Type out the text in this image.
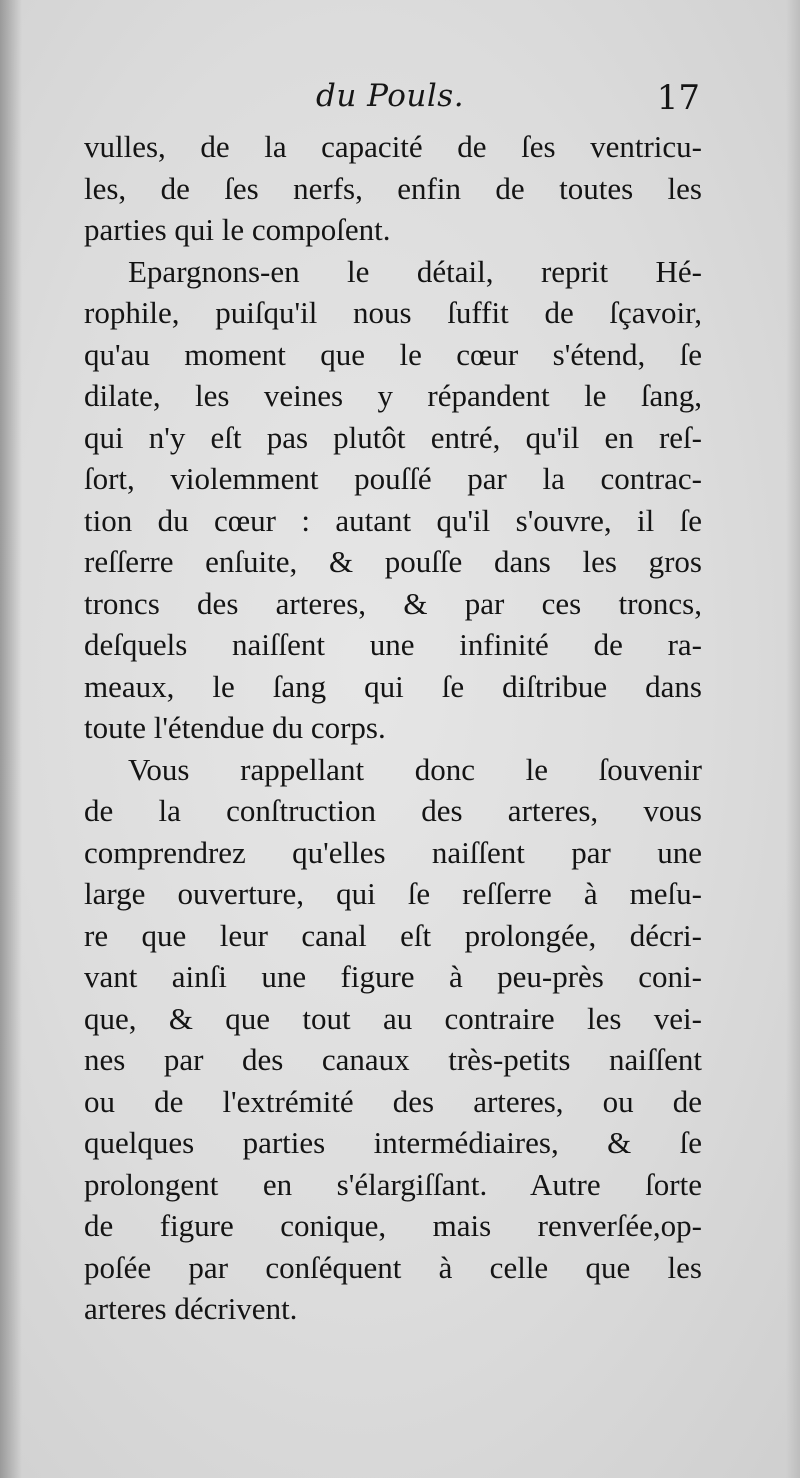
du Pouls.	17
vulles, de la capacité de ſes ventricu-
les, de ſes nerfs, enfin de toutes les
parties qui le compoſent.
Epargnons-en le détail, reprit Hé-
rophile, puiſqu'il nous ſuffit de ſçavoir,
qu'au moment que le cœur s'étend, ſe
dilate, les veines y répandent le ſang,
qui n'y eſt pas plutôt entré, qu'il en reſ-
ſort, violemment pouſſé par la contrac-
tion du cœur : autant qu'il s'ouvre, il ſe
reſſerre enſuite, & pouſſe dans les gros
troncs des arteres, & par ces troncs,
deſquels naiſſent une infinité de ra-
meaux, le ſang qui ſe diſtribue dans
toute l'étendue du corps.
Vous rappellant donc le ſouvenir
de la conſtruction des arteres, vous
comprendrez qu'elles naiſſent par une
large ouverture, qui ſe reſſerre à meſu-
re que leur canal eſt prolongée, décri-
vant ainſi une figure à peu-près coni-
que, & que tout au contraire les vei-
nes par des canaux très-petits naiſſent
ou de l'extrémité des arteres, ou de
quelques parties intermédiaires, & ſe
prolongent en s'élargiſſant. Autre ſorte
de figure conique, mais renverſée,op-
poſée par conſéquent à celle que les
arteres décrivent.
